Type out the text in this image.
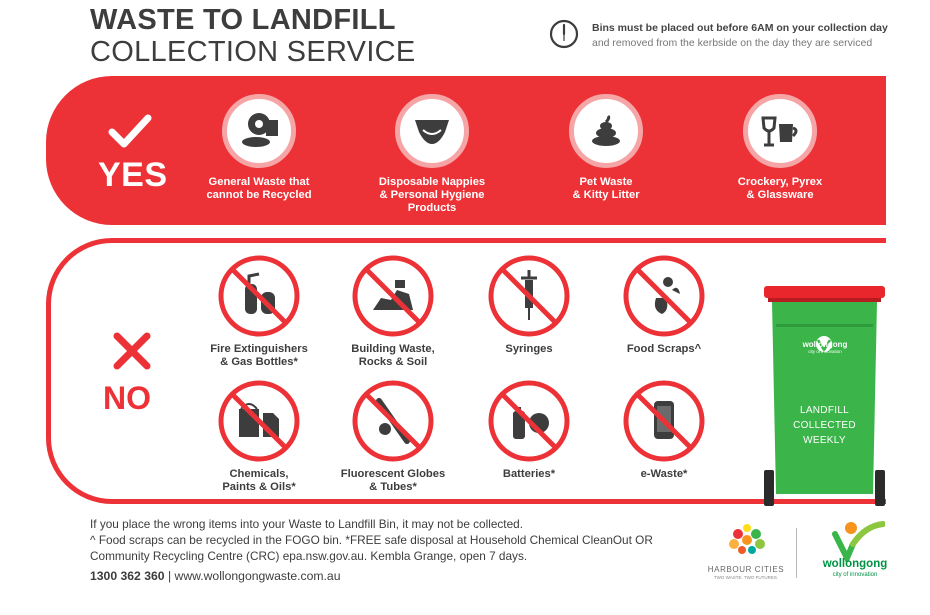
WASTE TO LANDFILL
COLLECTION SERVICE
Bins must be placed out before 6AM on your collection day
and removed from the kerbside on the day they are serviced
YES	General Waste that
cannot be Recycled
Disposable Nappies
& Personal Hygiene
Products
Pet Waste
& Kitty Litter
Crockery, Pyrex
& Glassware
NO
Fire Extinguishers
& Gas Bottles*
Building Waste,
Rocks & Soil
Syringes	Food Scraps^
Chemicals,
Paints & Oils*
Fluorescent Globes
& Tubes*
Batteries*	e-Waste*
wollongong
city of innovation
LANDFILL
COLLECTED
WEEKLY
If you place the wrong items into your Waste to Landfill Bin, it may not be collected.
^ Food scraps can be recycled in the FOGO bin. *FREE safe disposal at Household Chemical CleanOut OR
Community Recycling Centre (CRC) epa.nsw.gov.au. Kembla Grange, open 7 days.
1300 362 360 | www.wollongongwaste.com.au	HARBOUR CITIES
TWO WASTE. TWO FUTURES.
wollongong
city of innovation
